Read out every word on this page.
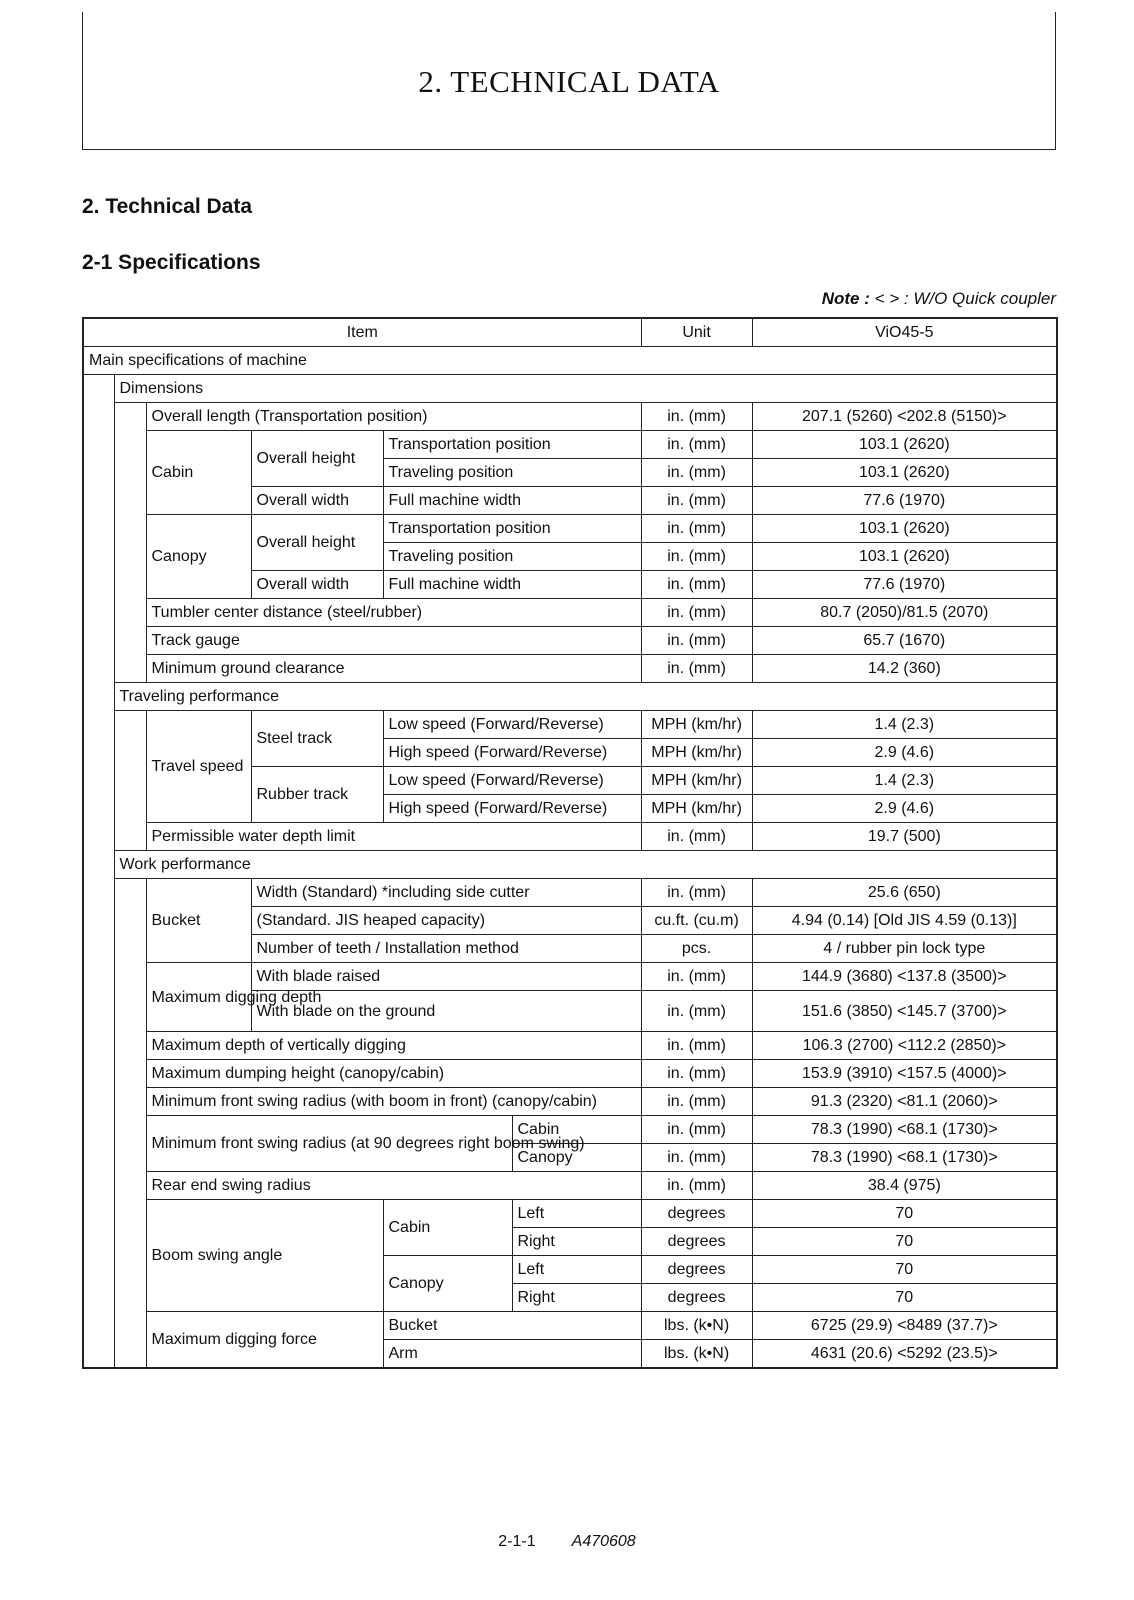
2. TECHNICAL DATA
2. Technical Data
2-1 Specifications
Note : < > : W/O Quick coupler
Item						Unit	ViO45-5
Main specifications of machine							
	Dimensions						
		Overall length (Transportation position)				in. (mm)	207.1 (5260) <202.8 (5150)>
		Cabin	Overall height	Transportation position		in. (mm)	103.1 (2620)
				Traveling position		in. (mm)	103.1 (2620)
			Overall width	Full machine width		in. (mm)	77.6 (1970)
		Canopy	Overall height	Transportation position		in. (mm)	103.1 (2620)
				Traveling position		in. (mm)	103.1 (2620)
			Overall width	Full machine width		in. (mm)	77.6 (1970)
		Tumbler center distance (steel/rubber)				in. (mm)	80.7 (2050)/81.5 (2070)
		Track gauge				in. (mm)	65.7 (1670)
		Minimum ground clearance				in. (mm)	14.2 (360)
	Traveling performance						
		Travel speed	Steel track	Low speed (Forward/Reverse)		MPH (km/hr)	1.4 (2.3)
				High speed (Forward/Reverse)		MPH (km/hr)	2.9 (4.6)
			Rubber track	Low speed (Forward/Reverse)		MPH (km/hr)	1.4 (2.3)
				High speed (Forward/Reverse)		MPH (km/hr)	2.9 (4.6)
		Permissible water depth limit				in. (mm)	19.7 (500)
	Work performance						
		Bucket	Width (Standard) *including side cutter			in. (mm)	25.6 (650)
			(Standard. JIS heaped capacity)			cu.ft. (cu.m)	4.94 (0.14) [Old JIS 4.59 (0.13)]
			Number of teeth / Installation method			pcs.	4 / rubber pin lock type
		Maximum digging depth	With blade raised			in. (mm)	144.9 (3680) <137.8 (3500)>
			With blade on the ground			in. (mm)	151.6 (3850) <145.7 (3700)>
		Maximum depth of vertically digging				in. (mm)	106.3 (2700) <112.2 (2850)>
		Maximum dumping height (canopy/cabin)				in. (mm)	153.9 (3910) <157.5 (4000)>
		Minimum front swing radius (with boom in front) (canopy/cabin)				in. (mm)	91.3 (2320) <81.1 (2060)>
		Minimum front swing radius (at 90 degrees right boom swing)			Cabin	in. (mm)	78.3 (1990) <68.1 (1730)>
					Canopy	in. (mm)	78.3 (1990) <68.1 (1730)>
		Rear end swing radius				in. (mm)	38.4 (975)
		Boom swing angle		Cabin	Left	degrees	70
					Right	degrees	70
				Canopy	Left	degrees	70
					Right	degrees	70
		Maximum digging force		Bucket		lbs. (k•N)	6725 (29.9) <8489 (37.7)>
				Arm		lbs. (k•N)	4631 (20.6) <5292 (23.5)>
2-1-1 A470608
